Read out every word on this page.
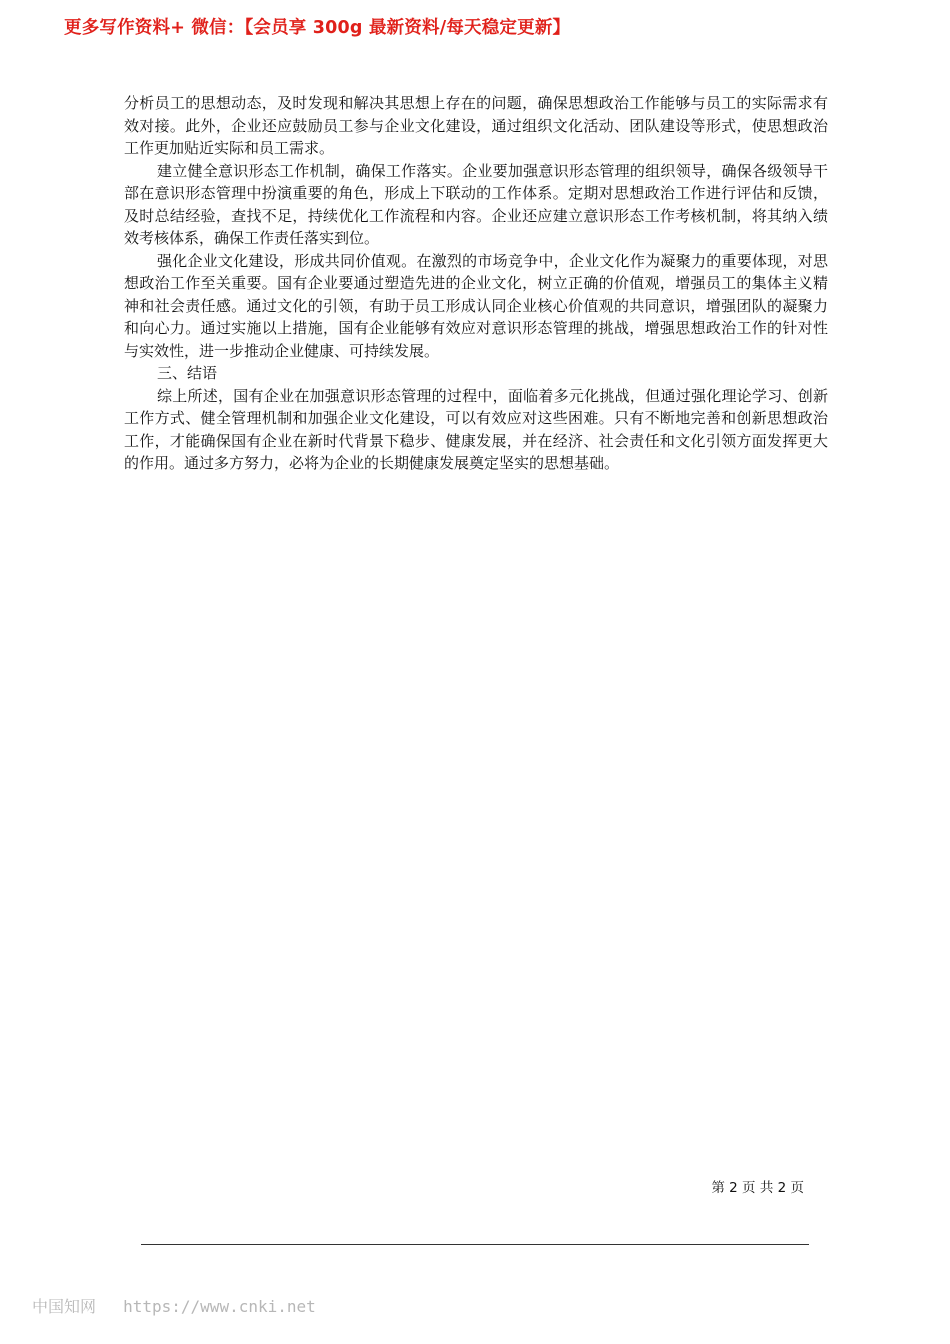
更多写作资料+ 微信：【会员享 300g 最新资料/每天稳定更新】

分析员工的思想动态，及时发现和解决其思想上存在的问题，确保思想政治工作能够与员工的实际需求有效对接。此外，企业还应鼓励员工参与企业文化建设，通过组织文化活动、团队建设等形式，使思想政治工作更加贴近实际和员工需求。

建立健全意识形态工作机制，确保工作落实。企业要加强意识形态管理的组织领导，确保各级领导干部在意识形态管理中扮演重要的角色，形成上下联动的工作体系。定期对思想政治工作进行评估和反馈，及时总结经验，查找不足，持续优化工作流程和内容。企业还应建立意识形态工作考核机制，将其纳入绩效考核体系，确保工作责任落实到位。

强化企业文化建设，形成共同价值观。在激烈的市场竞争中，企业文化作为凝聚力的重要体现，对思想政治工作至关重要。国有企业要通过塑造先进的企业文化，树立正确的价值观，增强员工的集体主义精神和社会责任感。通过文化的引领，有助于员工形成认同企业核心价值观的共同意识，增强团队的凝聚力和向心力。通过实施以上措施，国有企业能够有效应对意识形态管理的挑战，增强思想政治工作的针对性与实效性，进一步推动企业健康、可持续发展。

三、结语

综上所述，国有企业在加强意识形态管理的过程中，面临着多元化挑战，但通过强化理论学习、创新工作方式、健全管理机制和加强企业文化建设，可以有效应对这些困难。只有不断地完善和创新思想政治工作，才能确保国有企业在新时代背景下稳步、健康发展，并在经济、社会责任和文化引领方面发挥更大的作用。通过多方努力，必将为企业的长期健康发展奠定坚实的思想基础。

第 2 页 共 2 页
中国知网 https://www.cnki.net
